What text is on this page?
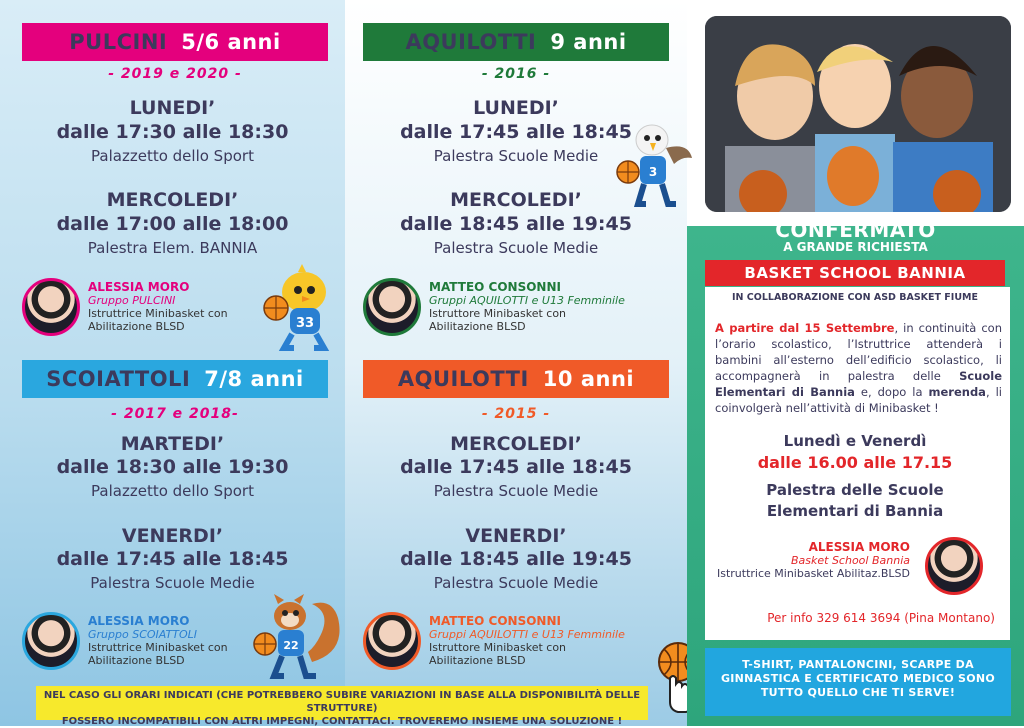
PULCINI 5/6 anni
- 2019 e 2020 -
LUNEDI’
dalle 17:30 alle 18:30
Palazzetto dello Sport
MERCOLEDI’
dalle 17:00 alle 18:00
Palestra Elem. BANNIA
ALESSIA MORO
Gruppo PULCINI
Istruttrice Minibasket con
Abilitazione BLSD	33
AQUILOTTI 9 anni
- 2016 -
LUNEDI’
dalle 17:45 alle 18:45
Palestra Scuole Medie
MERCOLEDI’
dalle 18:45 alle 19:45
Palestra Scuole Medie
MATTEO CONSONNI
Gruppi AQUILOTTI e U13 Femminile
Istruttore Minibasket con
Abilitazione BLSD
3
SCOIATTOLI 7/8 anni
- 2017 e 2018-
MARTEDI’
dalle 18:30 alle 19:30
Palazzetto dello Sport
VENERDI’
dalle 17:45 alle 18:45
Palestra Scuole Medie
ALESSIA MORO
Gruppo SCOIATTOLI
Istruttrice Minibasket con
Abilitazione BLSD
22
AQUILOTTI 10 anni
- 2015 -
MERCOLEDI’
dalle 17:45 alle 18:45
Palestra Scuole Medie
VENERDI’
dalle 18:45 alle 19:45
Palestra Scuole Medie
MATTEO CONSONNI
Gruppi AQUILOTTI e U13 Femminile
Istruttore Minibasket con
Abilitazione BLSD
NEL CASO GLI ORARI INDICATI (CHE POTREBBERO SUBIRE VARIAZIONI IN BASE ALLA DISPONIBILITÀ DELLE STRUTTURE)
FOSSERO INCOMPATIBILI CON ALTRI IMPEGNI, CONTATTACI. TROVEREMO INSIEME UNA SOLUZIONE !
CONFERMATO
A GRANDE RICHIESTA
BASKET SCHOOL BANNIA
IN COLLABORAZIONE CON ASD BASKET FIUME
A partire dal 15 Settembre, in continuità con l’orario scolastico, l’Istruttrice attenderà i bambini all’esterno dell’edificio scolastico, li accompagnerà in palestra delle Scuole Elementari di Bannia e, dopo la merenda, li coinvolgerà nell’attività di Minibasket !
Lunedì e Venerdì
dalle 16.00 alle 17.15
Palestra delle Scuole
Elementari di Bannia
ALESSIA MORO
Basket School Bannia
Istruttrice Minibasket Abilitaz.BLSD
Per info 329 614 3694 (Pina Montano)
T-SHIRT, PANTALONCINI, SCARPE DA
GINNASTICA E CERTIFICATO MEDICO SONO
TUTTO QUELLO CHE TI SERVE!
